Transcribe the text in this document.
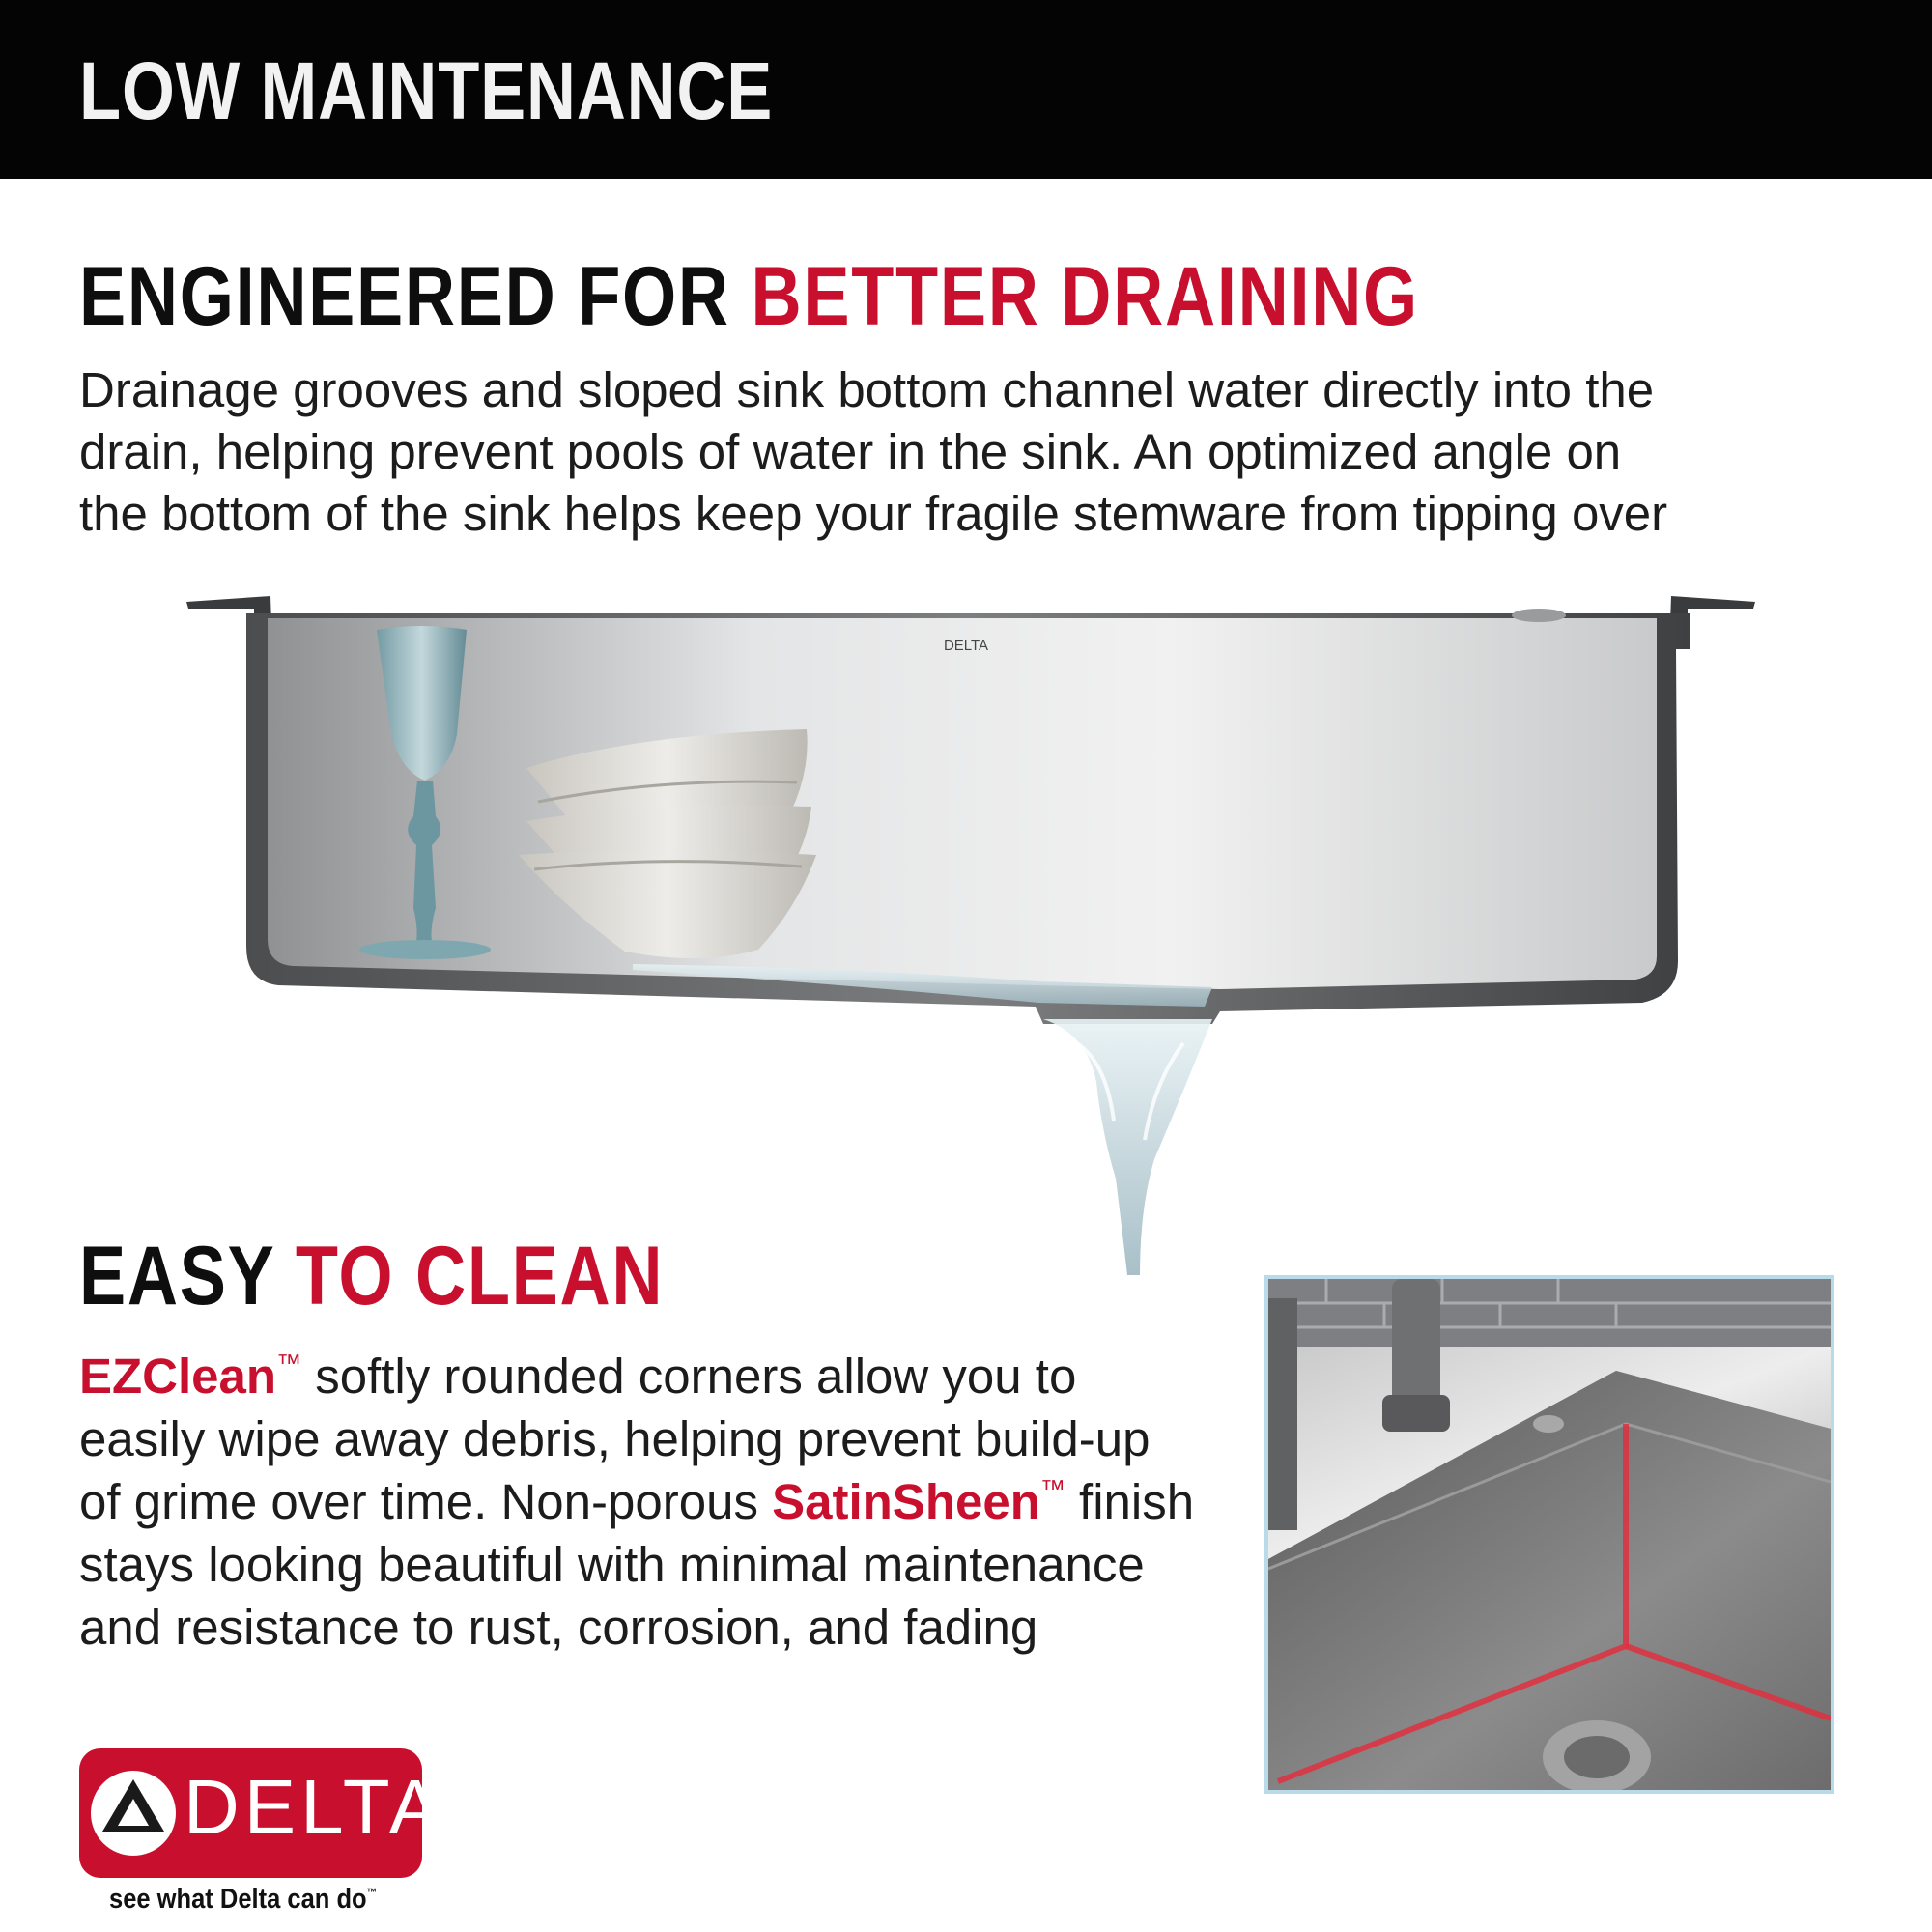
LOW MAINTENANCE
ENGINEERED FOR BETTER DRAINING
Drainage grooves and sloped sink bottom channel water directly into the
drain, helping prevent pools of water in the sink. An optimized angle on
the bottom of the sink helps keep your fragile stemware from tipping over
DELTA
EASY TO CLEAN
EZClean™ softly rounded corners allow you to
easily wipe away debris, helping prevent build-up
of grime over time. Non-porous SatinSheen™ finish
stays looking beautiful with minimal maintenance
and resistance to rust, corrosion, and fading

DELTA

see what Delta can do™
